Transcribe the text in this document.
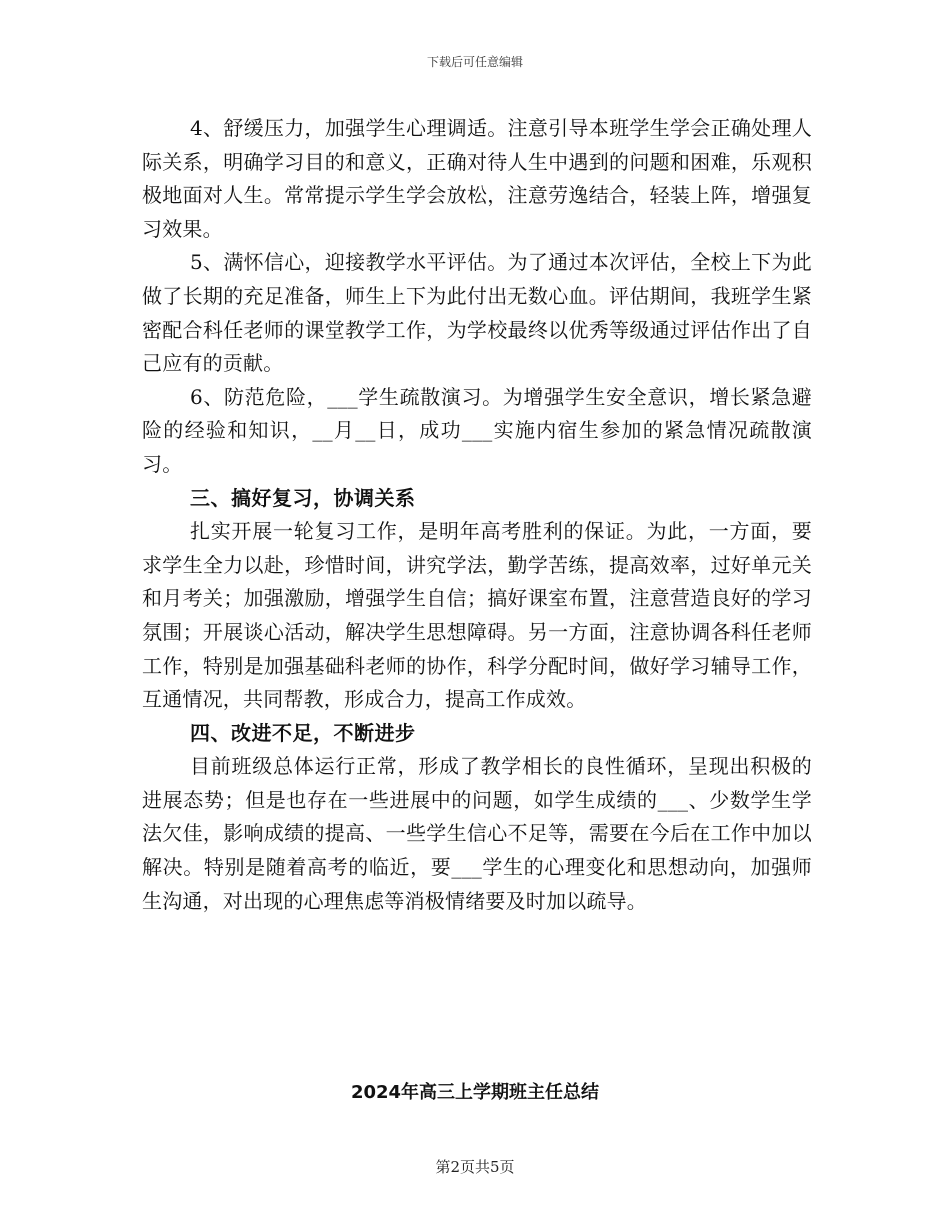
下载后可任意编辑

4、舒缓压力，加强学生心理调适。注意引导本班学生学会正确处理人际关系，明确学习目的和意义，正确对待人生中遇到的问题和困难，乐观积极地面对人生。常常提示学生学会放松，注意劳逸结合，轻装上阵，增强复习效果。

5、满怀信心，迎接教学水平评估。为了通过本次评估，全校上下为此做了长期的充足准备，师生上下为此付出无数心血。评估期间，我班学生紧密配合科任老师的课堂教学工作，为学校最终以优秀等级通过评估作出了自己应有的贡献。

6、防范危险，___学生疏散演习。为增强学生安全意识，增长紧急避险的经验和知识，__月__日，成功___实施内宿生参加的紧急情况疏散演习。

三、搞好复习，协调关系

扎实开展一轮复习工作，是明年高考胜利的保证。为此，一方面，要求学生全力以赴，珍惜时间，讲究学法，勤学苦练，提高效率，过好单元关和月考关；加强激励，增强学生自信；搞好课室布置，注意营造良好的学习氛围；开展谈心活动，解决学生思想障碍。另一方面，注意协调各科任老师工作，特别是加强基础科老师的协作，科学分配时间，做好学习辅导工作，互通情况，共同帮教，形成合力，提高工作成效。

四、改进不足，不断进步

目前班级总体运行正常，形成了教学相长的良性循环，呈现出积极的进展态势；但是也存在一些进展中的问题，如学生成绩的___、少数学生学法欠佳，影响成绩的提高、一些学生信心不足等，需要在今后在工作中加以解决。特别是随着高考的临近，要___学生的心理变化和思想动向，加强师生沟通，对出现的心理焦虑等消极情绪要及时加以疏导。

2024年高三上学期班主任总结
第2页共5页
